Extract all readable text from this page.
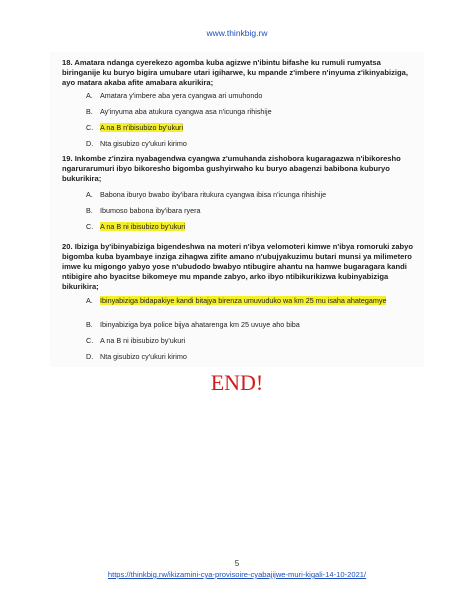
www.thinkbig.rw
18. Amatara ndanga cyerekezo agomba kuba agizwe n'ibintu bifashe ku rumuli rumyatsa biringanije ku buryo bigira umubare utari igiharwe, ku mpande z'imbere n'inyuma z'ikinyabiziga, ayo matara akaba afite amabara akurikira;
A. Amatara y'imbere aba yera cyangwa ari umuhondo
B. Ay'inyuma aba atukura cyangwa asa n'icunga rihishije
C. A na B n'ibisubizo by'ukuri
D. Nta gisubizo cy'ukuri kirimo
19. Inkombe z'inzira nyabagendwa cyangwa z'umuhanda zishobora kugaragazwa n'ibikoresho ngarurarumuri ibyo bikoresho bigomba gushyirwaho ku buryo abagenzi babibona kuburyo bukurikira;
A. Babona iburyo bwabo iby'ibara ritukura cyangwa ibisa n'icunga rihishije
B. Ibumoso babona iby'ibara ryera
C. A na B ni ibisubizo by'ukuri
20. Ibiziga by'ibinyabiziga bigendeshwa na moteri n'ibya velomoteri kimwe n'ibya romoruki zabyo bigomba kuba byambaye inziga zihagwa zifite amano n'ubujyakuzimu butari munsi ya milimetero imwe ku migongo yabyo yose n'ubudodo bwabyo ntibugire ahantu na hamwe bugaragara kandi ntibigire aho byacitse bikomeye mu mpande zabyo, arko ibyo ntibikurikizwa kubinyabiziga bikurikira;
A. Ibinyabiziga bidapakiye kandi bitajya birenza umuvuduko wa km 25 mu isaha ahategamye
B. Ibinyabiziga bya police bijya ahatarenga km 25 uvuye aho biba
C. A na B ni ibisubizo by'ukuri
D. Nta gisubizo cy'ukuri kirimo
END!
5
https://thinkbig.rw/ikizamini-cya-provisoire-cyabajijwe-muri-kigali-14-10-2021/
